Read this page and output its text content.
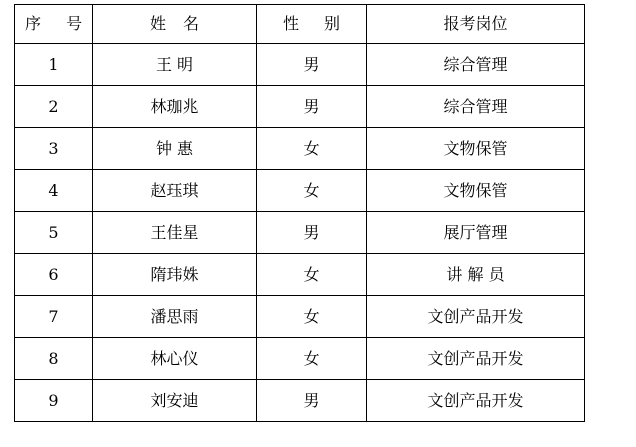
序 号	姓 名	性 别	报考岗位
1	王 明	男	综合管理
2	林珈兆	男	综合管理
3	钟 惠	女	文物保管
4	赵珏琪	女	文物保管
5	王佳星	男	展厅管理
6	隋玮姝	女	讲 解 员
7	潘思雨	女	文创产品开发
8	林心仪	女	文创产品开发
9	刘安迪	男	文创产品开发
